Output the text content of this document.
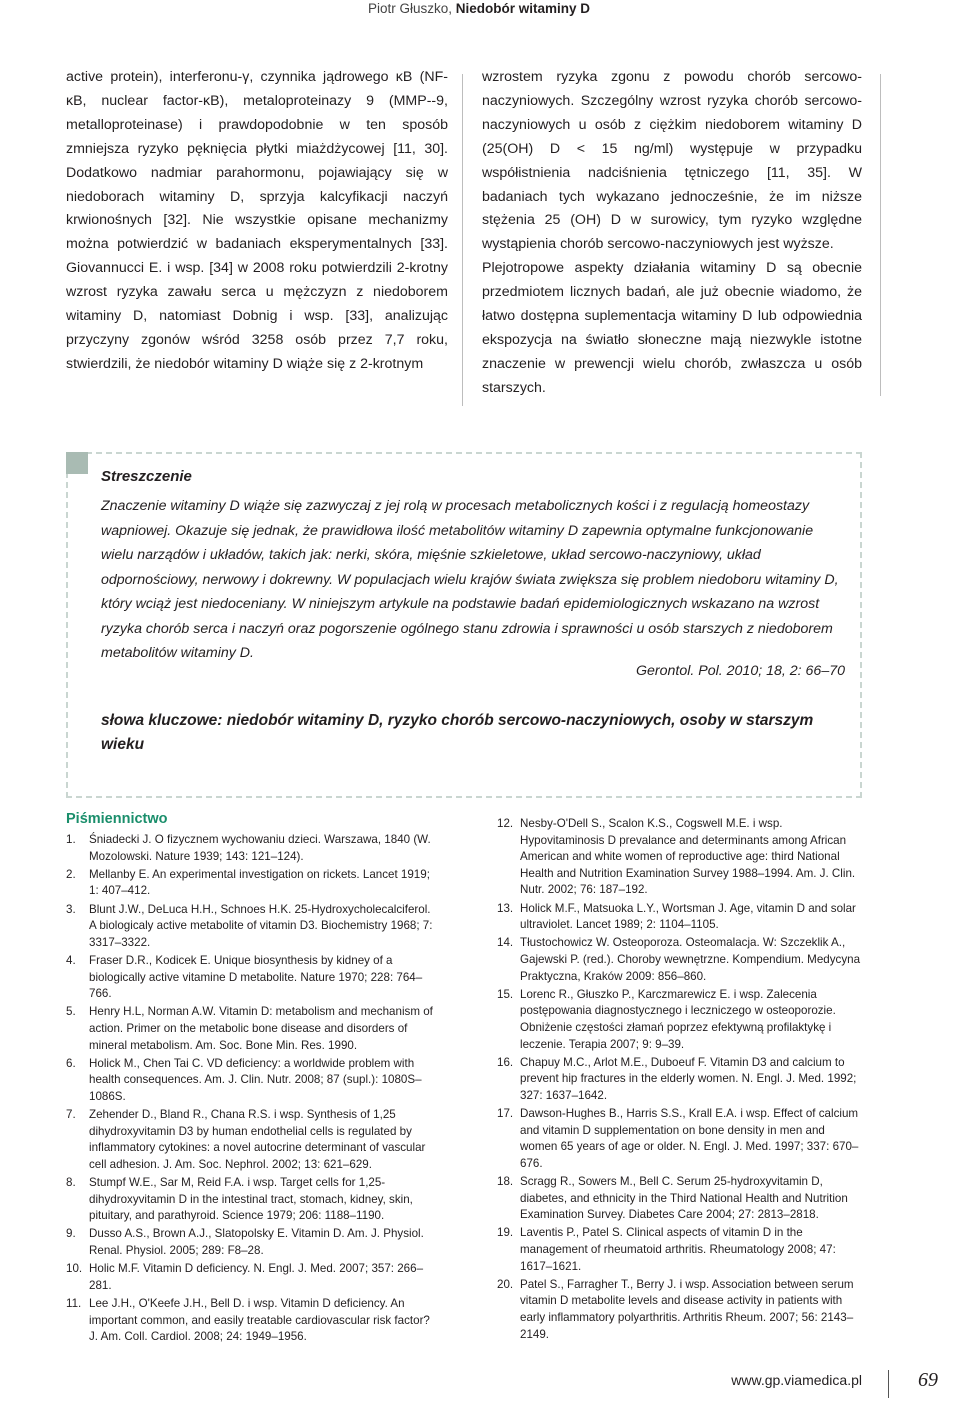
Piotr Głuszko, Niedobór witaminy D

active protein), interferonu-γ, czynnika jądrowego κB (NF-κB, nuclear factor-κB), metaloproteinazy 9 (MMP--9, metalloproteinase) i prawdopodobnie w ten sposób zmniejsza ryzyko pęknięcia płytki miażdżycowej [11, 30]. Dodatkowo nadmiar parahormonu, pojawiający się w niedoborach witaminy D, sprzyja kalcyfikacji naczyń krwionośnych [32]. Nie wszystkie opisane mechanizmy można potwierdzić w badaniach eksperymentalnych [33]. Giovannucci E. i wsp. [34] w 2008 roku potwierdzili 2-krotny wzrost ryzyka zawału serca u mężczyzn z niedoborem witaminy D, natomiast Dobnig i wsp. [33], analizując przyczyny zgonów wśród 3258 osób przez 7,7 roku, stwierdzili, że niedobór witaminy D wiąże się z 2-krotnym

wzrostem ryzyka zgonu z powodu chorób sercowo-naczyniowych. Szczególny wzrost ryzyka chorób sercowo-naczyniowych u osób z ciężkim niedoborem witaminy D (25(OH) D < 15 ng/ml) występuje w przypadku współistnienia nadciśnienia tętniczego [11, 35]. W badaniach tych wykazano jednocześnie, że im niższe stężenia 25 (OH) D w surowicy, tym ryzyko względne wystąpienia chorób sercowo-naczyniowych jest wyższe.

Plejotropowe aspekty działania witaminy D są obecnie przedmiotem licznych badań, ale już obecnie wiadomo, że łatwo dostępna suplementacja witaminy D lub odpowiednia ekspozycja na światło słoneczne mają niezwykle istotne znaczenie w prewencji wielu chorób, zwłaszcza u osób starszych.

Streszczenie

Znaczenie witaminy D wiąże się zazwyczaj z jej rolą w procesach metabolicznych kości i z regulacją homeostazy wapniowej. Okazuje się jednak, że prawidłowa ilość metabolitów witaminy D zapewnia optymalne funkcjonowanie wielu narządów i układów, takich jak: nerki, skóra, mięśnie szkieletowe, układ sercowo-naczyniowy, układ odpornościowy, nerwowy i dokrewny. W populacjach wielu krajów świata zwiększa się problem niedoboru witaminy D, który wciąż jest niedoceniany. W niniejszym artykule na podstawie badań epidemiologicznych wskazano na wzrost ryzyka chorób serca i naczyń oraz pogorszenie ogólnego stanu zdrowia i sprawności u osób starszych z niedoborem metabolitów witaminy D.

Gerontol. Pol. 2010; 18, 2: 66–70
słowa kluczowe: niedobór witaminy D, ryzyko chorób sercowo-naczyniowych, osoby w starszym wieku
Piśmiennictwo
1. Śniadecki J. O fizycznem wychowaniu dzieci. Warszawa, 1840 (W. Mozolowski. Nature 1939; 143: 121–124).
2. Mellanby E. An experimental investigation on rickets. Lancet 1919; 1: 407–412.
3. Blunt J.W., DeLuca H.H., Schnoes H.K. 25-Hydroxycholecalciferol. A biologicaly active metabolite of vitamin D3. Biochemistry 1968; 7: 3317–3322.
4. Fraser D.R., Kodicek E. Unique biosynthesis by kidney of a biologically active vitamine D metabolite. Nature 1970; 228: 764–766.
5. Henry H.L, Norman A.W. Vitamin D: metabolism and mechanism of action. Primer on the metabolic bone disease and disorders of mineral metabolism. Am. Soc. Bone Min. Res. 1990.
6. Holick M., Chen Tai C. VD deficiency: a worldwide problem with health consequences. Am. J. Clin. Nutr. 2008; 87 (supl.): 1080S–1086S.
7. Zehender D., Bland R., Chana R.S. i wsp. Synthesis of 1,25 dihydroxyvitamin D3 by human endothelial cells is regulated by inflammatory cytokines: a novel autocrine determinant of vascular cell adhesion. J. Am. Soc. Nephrol. 2002; 13: 621–629.
8. Stumpf W.E., Sar M, Reid F.A. i wsp. Target cells for 1,25-dihydroxyvitamin D in the intestinal tract, stomach, kidney, skin, pituitary, and parathyroid. Science 1979; 206: 1188–1190.
9. Dusso A.S., Brown A.J., Slatopolsky E. Vitamin D. Am. J. Physiol. Renal. Physiol. 2005; 289: F8–28.
10. Holic M.F. Vitamin D deficiency. N. Engl. J. Med. 2007; 357: 266–281.
11. Lee J.H., O'Keefe J.H., Bell D. i wsp. Vitamin D deficiency. An important common, and easily treatable cardiovascular risk factor? J. Am. Coll. Cardiol. 2008; 24: 1949–1956.
12. Nesby-O'Dell S., Scalon K.S., Cogswell M.E. i wsp. Hypovitaminosis D prevalance and determinants among African American and white women of reproductive age: third National Health and Nutrition Examination Survey 1988–1994. Am. J. Clin. Nutr. 2002; 76: 187–192.
13. Holick M.F., Matsuoka L.Y., Wortsman J. Age, vitamin D and solar ultraviolet. Lancet 1989; 2: 1104–1105.
14. Tłustochowicz W. Osteoporoza. Osteomalacja. W: Szczeklik A., Gajewski P. (red.). Choroby wewnętrzne. Kompendium. Medycyna Praktyczna, Kraków 2009: 856–860.
15. Lorenc R., Głuszko P., Karczmarewicz E. i wsp. Zalecenia postępowania diagnostycznego i leczniczego w osteoporozie. Obniżenie częstości złamań poprzez efektywną profilaktykę i leczenie. Terapia 2007; 9: 9–39.
16. Chapuy M.C., Arlot M.E., Duboeuf F. Vitamin D3 and calcium to prevent hip fractures in the elderly women. N. Engl. J. Med. 1992; 327: 1637–1642.
17. Dawson-Hughes B., Harris S.S., Krall E.A. i wsp. Effect of calcium and vitamin D supplementation on bone density in men and women 65 years of age or older. N. Engl. J. Med. 1997; 337: 670–676.
18. Scragg R., Sowers M., Bell C. Serum 25-hydroxyvitamin D, diabetes, and ethnicity in the Third National Health and Nutrition Examination Survey. Diabetes Care 2004; 27: 2813–2818.
19. Laventis P., Patel S. Clinical aspects of vitamin D in the management of rheumatoid arthritis. Rheumatology 2008; 47: 1617–1621.
20. Patel S., Farragher T., Berry J. i wsp. Association between serum vitamin D metabolite levels and disease activity in patients with early inflammatory polyarthritis. Arthritis Rheum. 2007; 56: 2143–2149.
www.gp.viamedica.pl	69
